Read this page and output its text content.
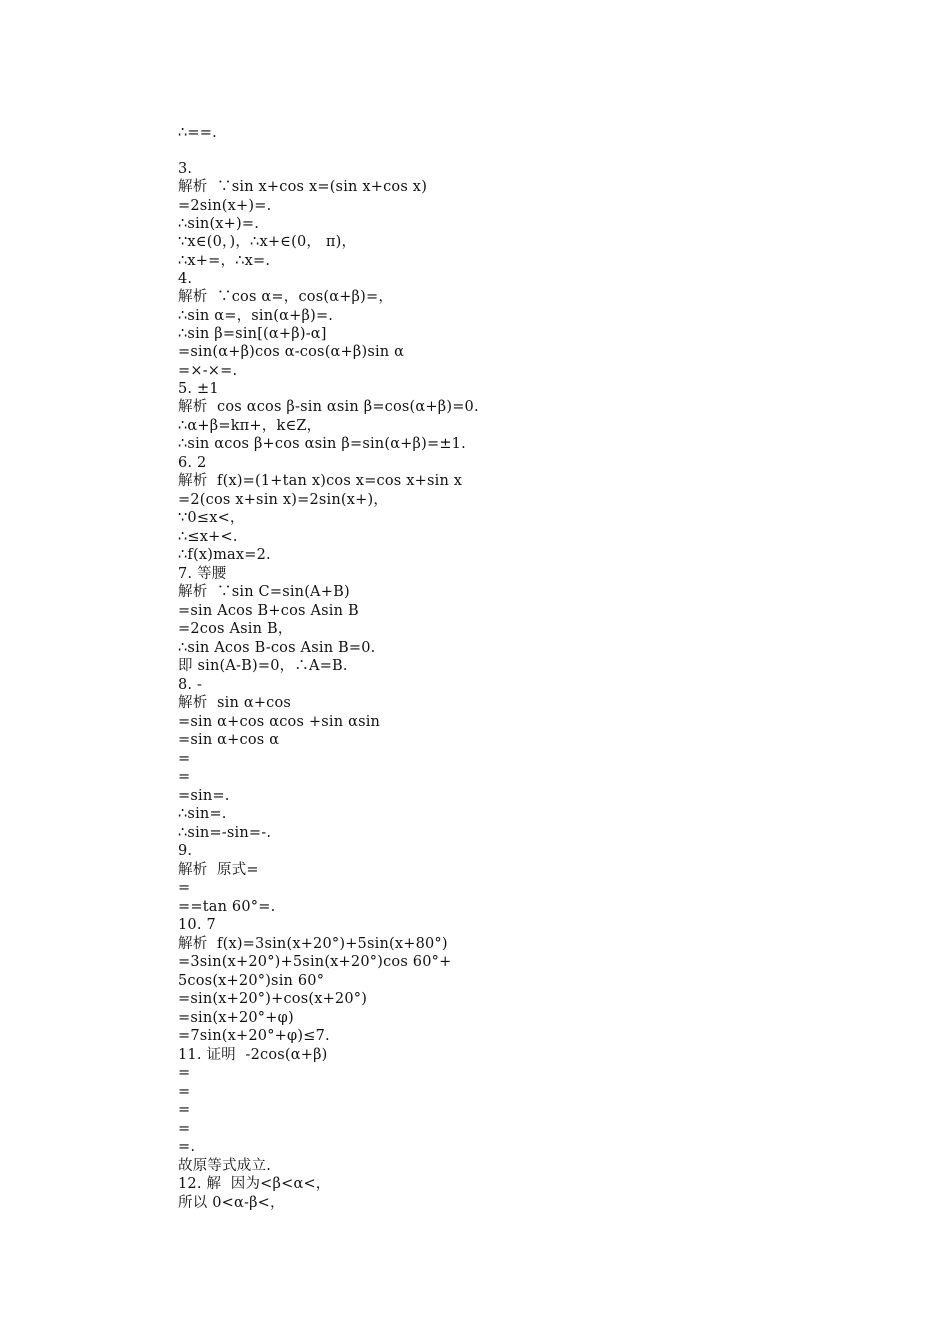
∴==.
3.
解析  ∵sin x+cos x=(sin x+cos x)
=2sin(x+)=.
∴sin(x+)=.
∵x∈(0，)，∴x+∈(0， π)，
∴x+=，∴x=.
4.
解析  ∵cos α=，cos(α+β)=，
∴sin α=，sin(α+β)=.
∴sin β=sin[(α+β)-α]
=sin(α+β)cos α-cos(α+β)sin α
=×-×=.
5. ±1
解析  cos αcos β-sin αsin β=cos(α+β)=0.
∴α+β=kπ+，k∈Z，
∴sin αcos β+cos αsin β=sin(α+β)=±1.
6. 2
解析  f(x)=(1+tan x)cos x=cos x+sin x
=2(cos x+sin x)=2sin(x+)，
∵0≤x<，
∴≤x+<.
∴f(x)max=2.
7. 等腰
解析  ∵sin C=sin(A+B)
=sin Acos B+cos Asin B
=2cos Asin B，
∴sin Acos B-cos Asin B=0.
即 sin(A-B)=0，∴A=B.
8. -
解析  sin α+cos
=sin α+cos αcos +sin αsin
=sin α+cos α
=
=
=sin=.
∴sin=.
∴sin=-sin=-.
9.
解析  原式=
=
==tan 60°=.
10. 7
解析  f(x)=3sin(x+20°)+5sin(x+80°)
=3sin(x+20°)+5sin(x+20°)cos 60°+
5cos(x+20°)sin 60°
=sin(x+20°)+cos(x+20°)
=sin(x+20°+φ)
=7sin(x+20°+φ)≤7.
11. 证明  -2cos(α+β)
=
=
=
=
=.
故原等式成立.
12. 解  因为<β<α<，
所以 0<α-β<，
